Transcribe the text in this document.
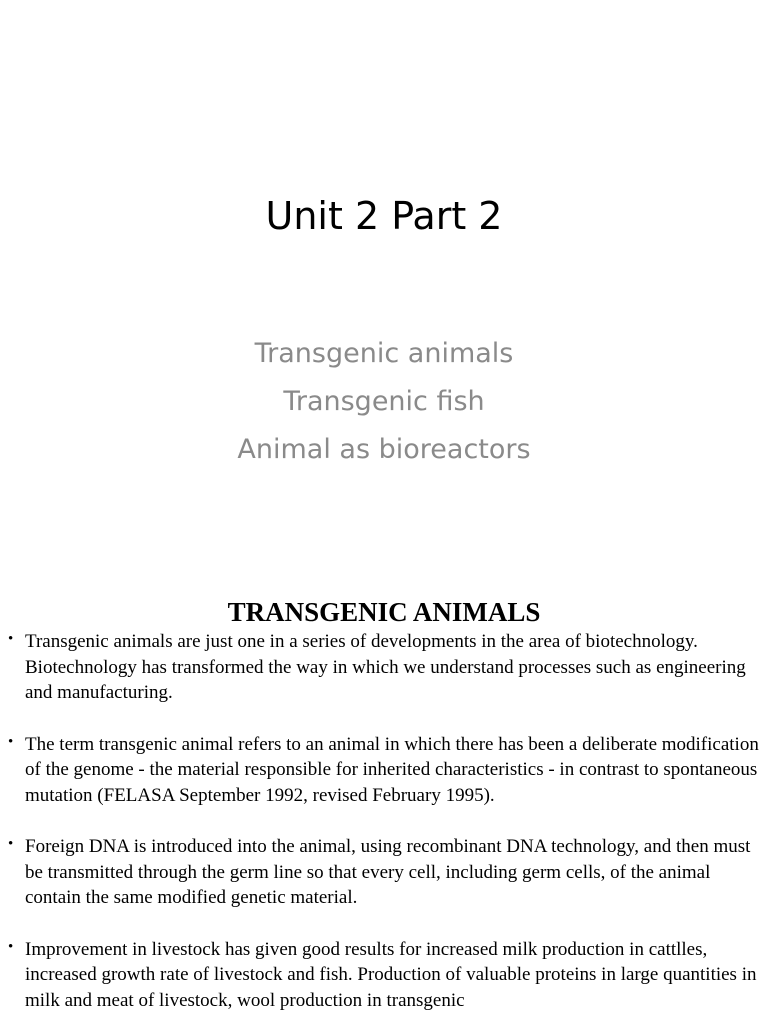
Unit 2 Part 2
Transgenic animals
Transgenic fish
Animal as bioreactors
TRANSGENIC ANIMALS
• Transgenic animals are just one in a series of developments in the area of biotechnology. Biotechnology has transformed the way in which we understand processes such as engineering and manufacturing.
• The term transgenic animal refers to an animal in which there has been a deliberate modification of the genome - the material responsible for inherited characteristics - in contrast to spontaneous mutation (FELASA September 1992, revised February 1995).
• Foreign DNA is introduced into the animal, using recombinant DNA technology, and then must be transmitted through the germ line so that every cell, including germ cells, of the animal contain the same modified genetic material.
• Improvement in livestock has given good results for increased milk production in cattlles, increased growth rate of livestock and fish. Production of valuable proteins in large quantities in milk and meat of livestock, wool production in transgenic
